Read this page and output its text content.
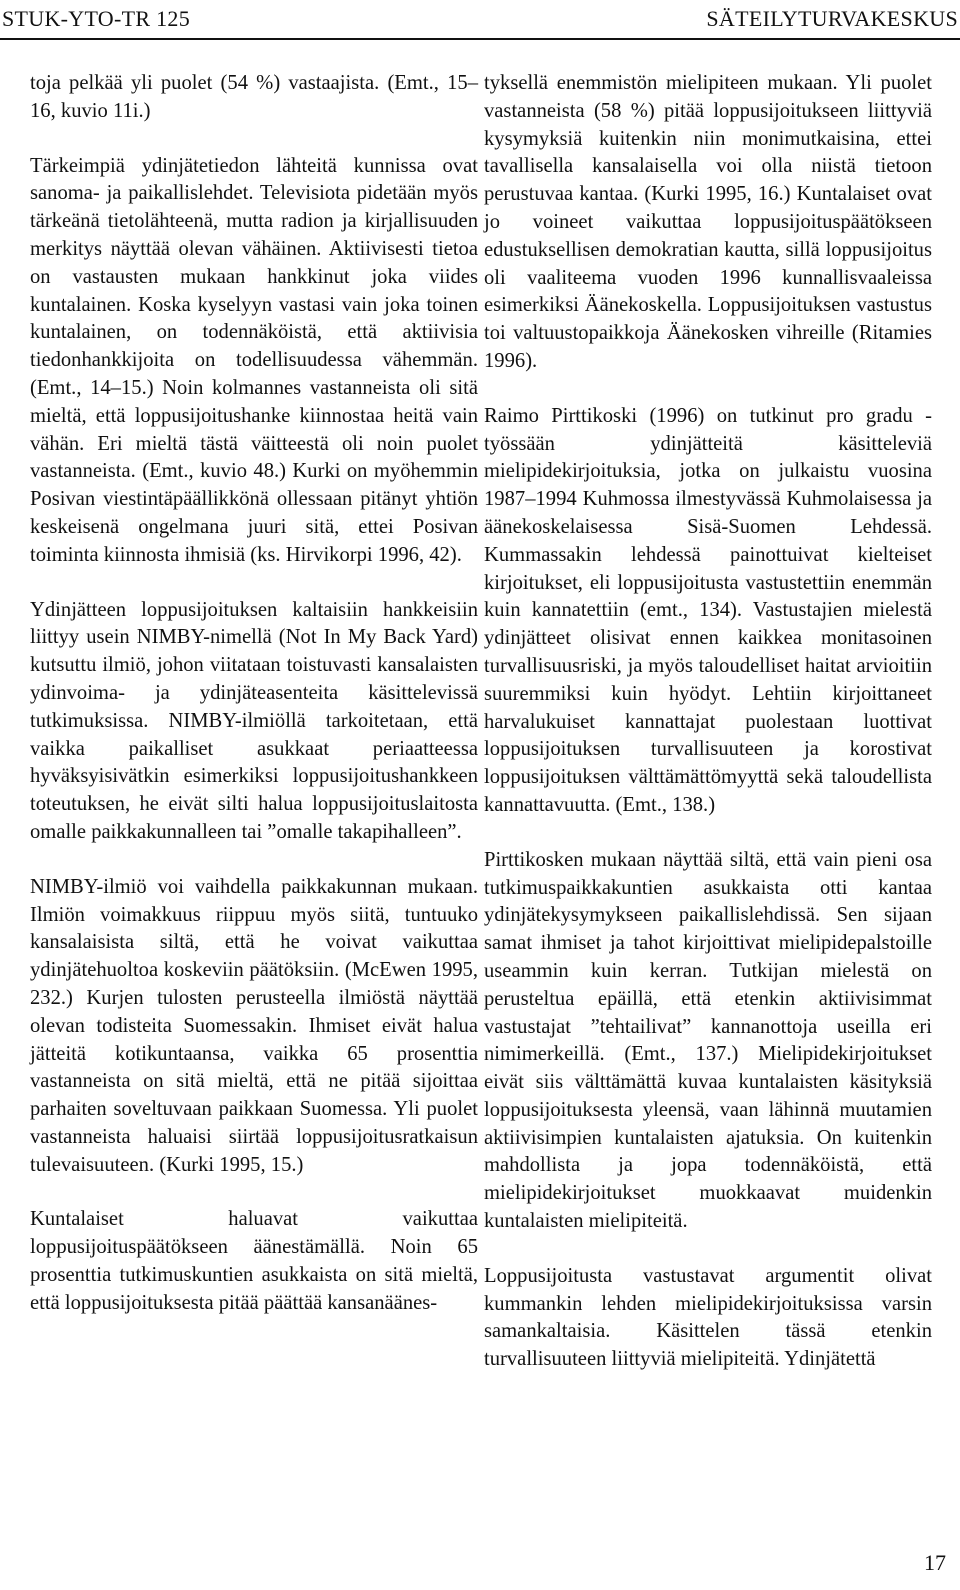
STUK-YTO-TR 125	SÄTEILYTURVAKESKUS

toja pelkää yli puolet (54 %) vastaajista. (Emt., 15–16, kuvio 11i.)

Tärkeimpiä ydinjätetiedon lähteitä kunnissa ovat sanoma- ja paikallislehdet. Televisiota pidetään myös tärkeänä tietolähteenä, mutta radion ja kirjallisuuden merkitys näyttää olevan vähäinen. Aktiivisesti tietoa on vastausten mukaan hankkinut joka viides kuntalainen. Koska kyselyyn vastasi vain joka toinen kuntalainen, on todennäköistä, että aktiivisia tiedonhankkijoita on todellisuudessa vähemmän. (Emt., 14–15.) Noin kolmannes vastanneista oli sitä mieltä, että loppusijoitushanke kiinnostaa heitä vain vähän. Eri mieltä tästä väitteestä oli noin puolet vastanneista. (Emt., kuvio 48.) Kurki on myöhemmin Posivan viestintäpäällikkönä ollessaan pitänyt yhtiön keskeisenä ongelmana juuri sitä, ettei Posivan toiminta kiinnosta ihmisiä (ks. Hirvikorpi 1996, 42).

Ydinjätteen loppusijoituksen kaltaisiin hankkeisiin liittyy usein NIMBY-nimellä (Not In My Back Yard) kutsuttu ilmiö, johon viitataan toistuvasti kansalaisten ydinvoima- ja ydinjäteasenteita käsittelevissä tutkimuksissa. NIMBY-ilmiöllä tarkoitetaan, että vaikka paikalliset asukkaat periaatteessa hyväksyisivätkin esimerkiksi loppusijoitushankkeen toteutuksen, he eivät silti halua loppusijoituslaitosta omalle paikkakunnalleen tai ”omalle takapihalleen”.

NIMBY-ilmiö voi vaihdella paikkakunnan mukaan. Ilmiön voimakkuus riippuu myös siitä, tuntuuko kansalaisista siltä, että he voivat vaikuttaa ydinjätehuoltoa koskeviin päätöksiin. (McEwen 1995, 232.) Kurjen tulosten perusteella ilmiöstä näyttää olevan todisteita Suomessakin. Ihmiset eivät halua jätteitä kotikuntaansa, vaikka 65 prosenttia vastanneista on sitä mieltä, että ne pitää sijoittaa parhaiten soveltuvaan paikkaan Suomessa. Yli puolet vastanneista haluaisi siirtää loppusijoitusratkaisun tulevaisuuteen. (Kurki 1995, 15.)

Kuntalaiset haluavat vaikuttaa loppusijoituspäätökseen äänestämällä. Noin 65 prosenttia tutkimuskuntien asukkaista on sitä mieltä, että loppusijoituksesta pitää päättää kansanäänes-

tyksellä enemmistön mielipiteen mukaan. Yli puolet vastanneista (58 %) pitää loppusijoitukseen liittyviä kysymyksiä kuitenkin niin monimutkaisina, ettei tavallisella kansalaisella voi olla niistä tietoon perustuvaa kantaa. (Kurki 1995, 16.) Kuntalaiset ovat jo voineet vaikuttaa loppusijoituspäätökseen edustuksellisen demokratian kautta, sillä loppusijoitus oli vaaliteema vuoden 1996 kunnallisvaaleissa esimerkiksi Äänekoskella. Loppusijoituksen vastustus toi valtuustopaikkoja Äänekosken vihreille (Ritamies 1996).

Raimo Pirttikoski (1996) on tutkinut pro gradu -työssään ydinjätteitä käsitteleviä mielipidekirjoituksia, jotka on julkaistu vuosina 1987–1994 Kuhmossa ilmestyvässä Kuhmolaisessa ja äänekoskelaisessa Sisä-Suomen Lehdessä. Kummassakin lehdessä painottuivat kielteiset kirjoitukset, eli loppusijoitusta vastustettiin enemmän kuin kannatettiin (emt., 134). Vastustajien mielestä ydinjätteet olisivat ennen kaikkea monitasoinen turvallisuusriski, ja myös taloudelliset haitat arvioitiin suuremmiksi kuin hyödyt. Lehtiin kirjoittaneet harvalukuiset kannattajat puolestaan luottivat loppusijoituksen turvallisuuteen ja korostivat loppusijoituksen välttämättömyyttä sekä taloudellista kannattavuutta. (Emt., 138.)

Pirttikosken mukaan näyttää siltä, että vain pieni osa tutkimuspaikkakuntien asukkaista otti kantaa ydinjätekysymykseen paikallislehdissä. Sen sijaan samat ihmiset ja tahot kirjoittivat mielipidepalstoille useammin kuin kerran. Tutkijan mielestä on perusteltua epäillä, että etenkin aktiivisimmat vastustajat ”tehtailivat” kannanottoja useilla eri nimimerkeillä. (Emt., 137.) Mielipidekirjoitukset eivät siis välttämättä kuvaa kuntalaisten käsityksiä loppusijoituksesta yleensä, vaan lähinnä muutamien aktiivisimpien kuntalaisten ajatuksia. On kuitenkin mahdollista ja jopa todennäköistä, että mielipidekirjoitukset muokkaavat muidenkin kuntalaisten mielipiteitä.

Loppusijoitusta vastustavat argumentit olivat kummankin lehden mielipidekirjoituksissa varsin samankaltaisia. Käsittelen tässä etenkin turvallisuuteen liittyviä mielipiteitä. Ydinjätettä

17
